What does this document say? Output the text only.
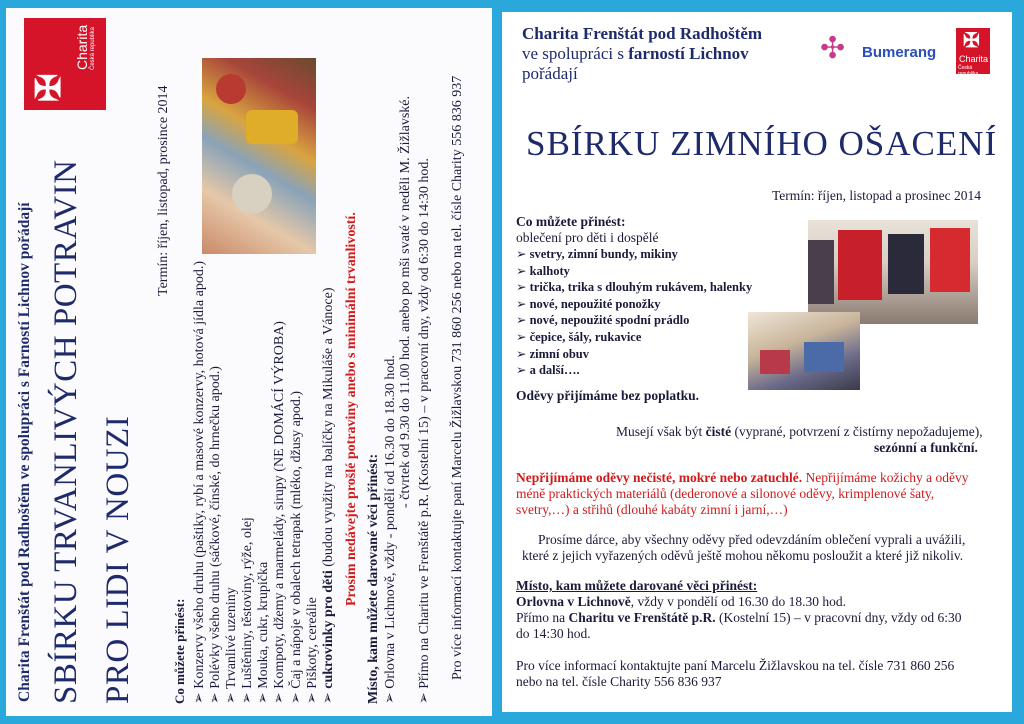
Charita Frenštát pod Radhoštěm ve spolupráci s Farností Lichnov pořádají
✠
Charita Česká republika
SBÍRKU TRVANLIVÝCH POTRAVIN PRO LIDI V NOUZI
Termín: říjen, listopad, prosince 2014
Co můžete přinést: ➢ Konzervy všeho druhu (paštiky, rybí a masové konzervy, hotová jídla apod.)
➢ Polévky všeho druhu (sáčkové, čínské, do hrnečku apod.)
➢ Trvanlivé uzeniny
➢ Luštěniny, těstoviny, rýže, olej
➢ Mouka, cukr, krupička
➢ Kompoty, džemy a marmelády, sirupy (NE DOMÁCÍ VÝROBA)
➢ Čaj a nápoje v obalech tetrapak (mléko, džusy apod.)
➢ Piškoty, cereálie
➢ cukrovinky pro děti (budou využity na balíčky na Mikuláše a Vánoce) Prosím nedávejte prošlé potraviny anebo s minimální trvanlivostí. Místo, kam můžete darované věci přinést: ➢ Orlovna v Lichnově, vždy - pondělí od 16.30 do 18.30 hod.
- čtvrtek od 9.30 do 11.00 hod. anebo po mši svaté v neděli M. Žižlavské.
➢ Přímo na Charitu ve Frenštátě p.R. (Kostelní 15) – v pracovní dny, vždy od 6:30 do 14:30 hod. Pro více informací kontaktujte paní Marcelu Žižlavskou 731 860 256 nebo na tel. čísle Charity 556 836 937
Charita Frenštát pod Radhoštěm
ve spolupráci s farností Lichnov
pořádají
✣ Bumerang
✠
Charita
Česká republika
SBÍRKU ZIMNÍHO OŠACENÍ
Termín: říjen, listopad a prosinec 2014
Co můžete přinést:
oblečení pro děti i dospělé
➢ svetry, zimní bundy, mikiny
➢ kalhoty
➢ trička, trika s dlouhým rukávem, halenky
➢ nové, nepoužité ponožky
➢ nové, nepoužité spodní prádlo
➢ čepice, šály, rukavice
➢ zimní obuv
➢ a další….
Oděvy přijímáme bez poplatku.
Musejí však být čisté (vyprané, potvrzení z čistírny nepožadujeme),
sezónní a funkční.
Nepřijímáme oděvy nečisté, mokré nebo zatuchlé. Nepřijímáme kožichy a oděvy
méně praktických materiálů (dederonové a silonové oděvy, krimplenové šaty,
svetry,…) a střihů (dlouhé kabáty zimní i jarní,…)
Prosíme dárce, aby všechny oděvy před odevzdáním oblečení vyprali a uvážili,
které z jejich vyřazených oděvů ještě mohou někomu posloužit a které již nikoliv.
Místo, kam můžete darované věci přinést:
Orlovna v Lichnově, vždy v pondělí od 16.30 do 18.30 hod.
Přímo na Charitu ve Frenštátě p.R. (Kostelní 15) – v pracovní dny, vždy od 6:30
do 14:30 hod.
Pro více informací kontaktujte paní Marcelu Žižlavskou na tel. čísle 731 860 256
nebo na tel. čísle Charity 556 836 937
